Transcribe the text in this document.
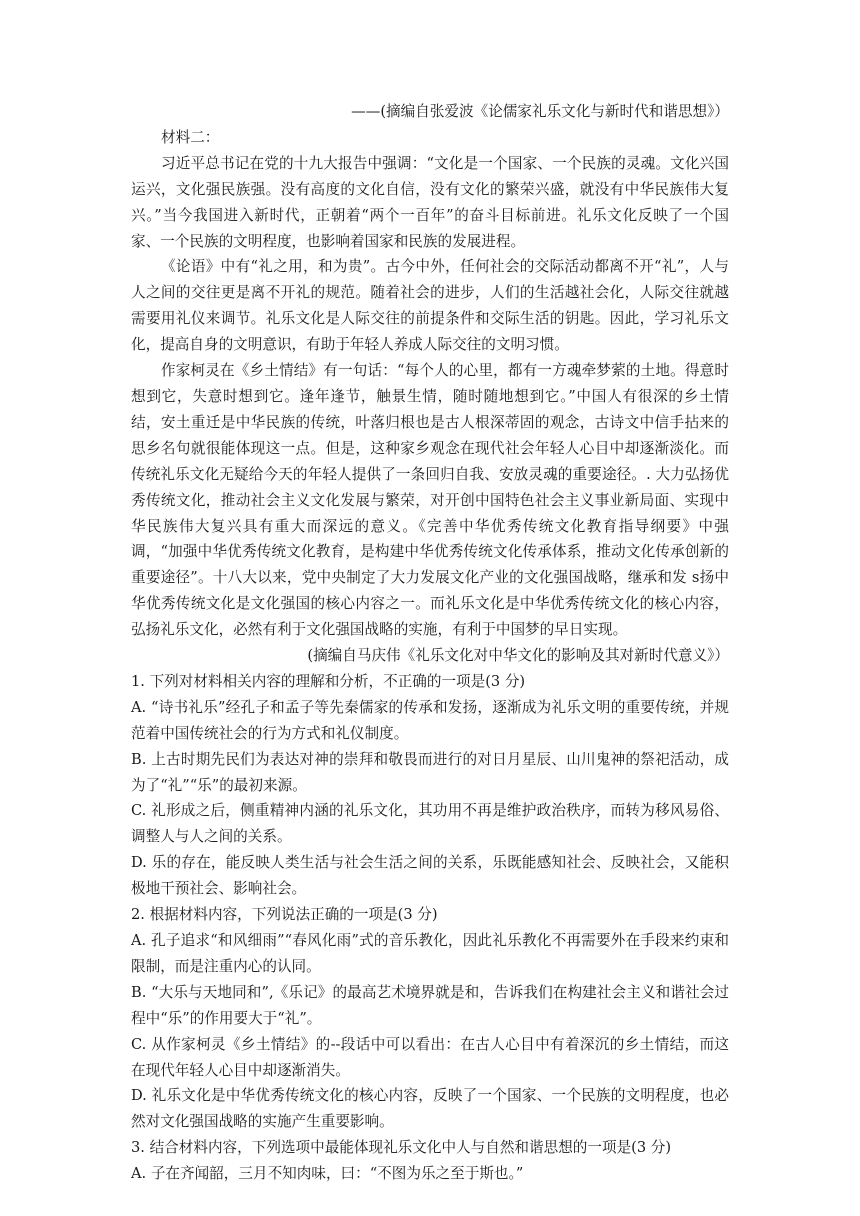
——(摘编自张爱波《论儒家礼乐文化与新时代和谐思想》）

材料二：

习近平总书记在党的十九大报告中强调：“文化是一个国家、一个民族的灵魂。文化兴国运兴，文化强民族强。没有高度的文化自信，没有文化的繁荣兴盛，就没有中华民族伟大复兴。”当今我国进入新时代，正朝着“两个一百年”的奋斗目标前进。礼乐文化反映了一个国家、一个民族的文明程度，也影响着国家和民族的发展进程。

《论语》中有“礼之用，和为贵”。古今中外，任何社会的交际活动都离不开“礼”，人与人之间的交往更是离不开礼的规范。随着社会的进步，人们的生活越社会化，人际交往就越需要用礼仪来调节。礼乐文化是人际交往的前提条件和交际生活的钥匙。因此，学习礼乐文化，提高自身的文明意识，有助于年轻人养成人际交往的文明习惯。

作家柯灵在《乡土情结》有一句话：“每个人的心里，都有一方魂牵梦萦的土地。得意时想到它，失意时想到它。逢年逢节，触景生情，随时随地想到它。”中国人有很深的乡土情结，安土重迁是中华民族的传统，叶落归根也是古人根深蒂固的观念，古诗文中信手拈来的思乡名句就很能体现这一点。但是，这种家乡观念在现代社会年轻人心目中却逐渐淡化。而传统礼乐文化无疑给今天的年轻人提供了一条回归自我、安放灵魂的重要途径。. 大力弘扬优秀传统文化，推动社会主义文化发展与繁荣，对开创中国特色社会主义事业新局面、实现中华民族伟大复兴具有重大而深远的意义。《完善中华优秀传统文化教育指导纲要》中强调，“加强中华优秀传统文化教育，是构建中华优秀传统文化传承体系，推动文化传承创新的重要途径”。十八大以来，党中央制定了大力发展文化产业的文化强国战略，继承和发 s扬中华优秀传统文化是文化强国的核心内容之一。而礼乐文化是中华优秀传统文化的核心内容，弘扬礼乐文化，必然有利于文化强国战略的实施，有利于中国梦的早日实现。

(摘编自马庆伟《礼乐文化对中华文化的影响及其对新时代意义》）

1. 下列对材料相关内容的理解和分析，不正确的一项是(3 分)

A. “诗书礼乐”经孔子和孟子等先秦儒家的传承和发扬，逐渐成为礼乐文明的重要传统，并规范着中国传统社会的行为方式和礼仪制度。

B. 上古时期先民们为表达对神的崇拜和敬畏而进行的对日月星辰、山川鬼神的祭祀活动，成为了“礼”“乐”的最初来源。

C. 礼形成之后，侧重精神内涵的礼乐文化，其功用不再是维护政治秩序，而转为移风易俗、调整人与人之间的关系。

D. 乐的存在，能反映人类生活与社会生活之间的关系，乐既能感知社会、反映社会，又能积极地干预社会、影响社会。

2. 根据材料内容，下列说法正确的一项是(3 分)

A. 孔子追求“和风细雨”“春风化雨”式的音乐教化，因此礼乐教化不再需要外在手段来约束和限制，而是注重内心的认同。

B. “大乐与天地同和”,《乐记》的最高艺术境界就是和，告诉我们在构建社会主义和谐社会过程中“乐”的作用要大于“礼”。

C. 从作家柯灵《乡土情结》的--段话中可以看出：在古人心目中有着深沉的乡土情结，而这在现代年轻人心目中却逐渐消失。

D. 礼乐文化是中华优秀传统文化的核心内容，反映了一个国家、一个民族的文明程度，也必然对文化强国战略的实施产生重要影响。

3. 结合材料内容，下列选项中最能体现礼乐文化中人与自然和谐思想的一项是(3 分)

A. 子在齐闻韶，三月不知肉味，曰：“不图为乐之至于斯也。”
